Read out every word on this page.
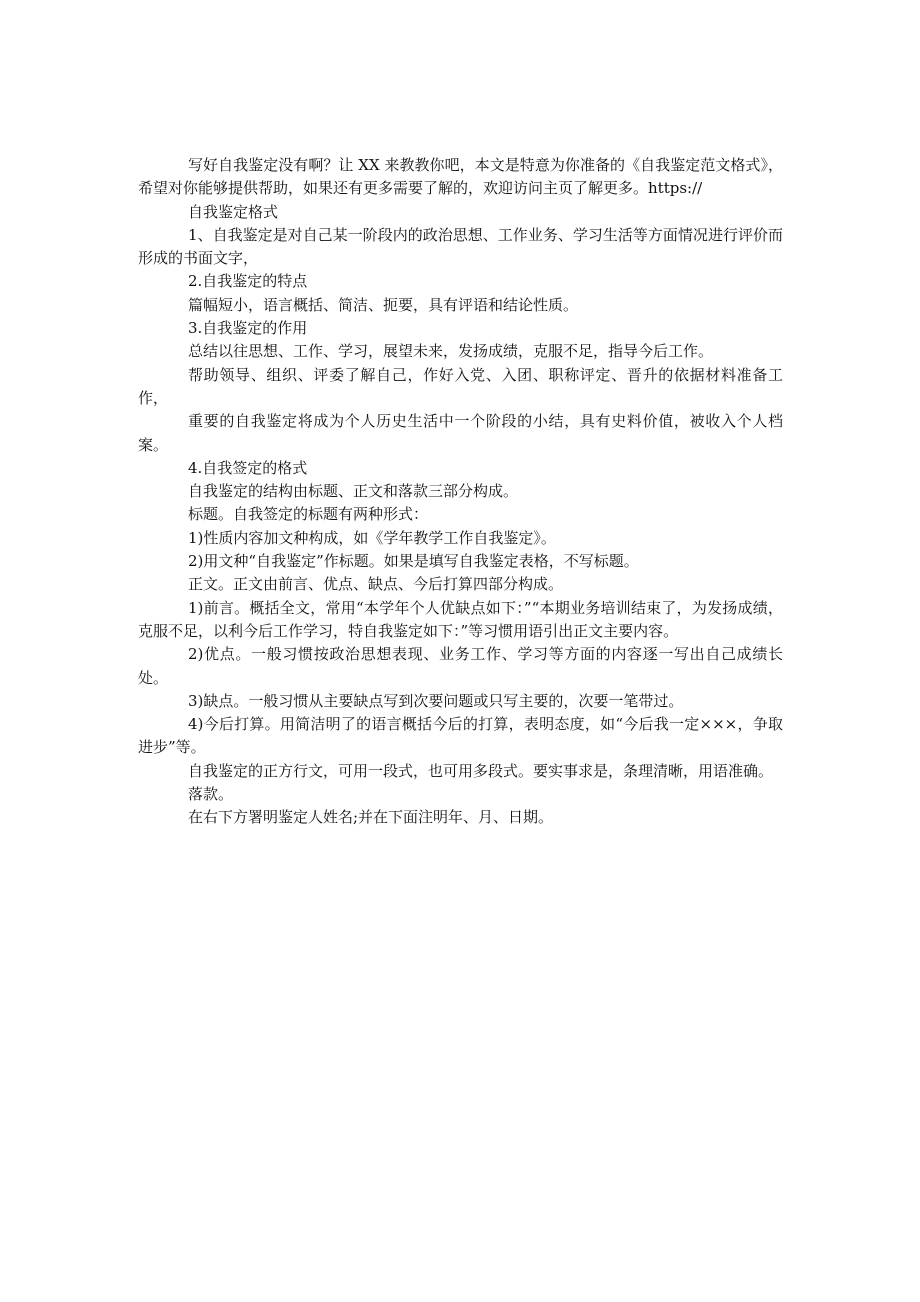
写好自我鉴定没有啊？让 XX 来教教你吧，本文是特意为你准备的《自我鉴定范文格式》，希望对你能够提供帮助，如果还有更多需要了解的，欢迎访问主页了解更多。https://

自我鉴定格式

1、自我鉴定是对自己某一阶段内的政治思想、工作业务、学习生活等方面情况进行评价而形成的书面文字，

2.自我鉴定的特点

篇幅短小，语言概括、简洁、扼要，具有评语和结论性质。

3.自我鉴定的作用

总结以往思想、工作、学习，展望未来，发扬成绩，克服不足，指导今后工作。

帮助领导、组织、评委了解自己，作好入党、入团、职称评定、晋升的依据材料准备工作，

重要的自我鉴定将成为个人历史生活中一个阶段的小结，具有史料价值，被收入个人档案。

4.自我签定的格式

自我鉴定的结构由标题、正文和落款三部分构成。

标题。自我签定的标题有两种形式：

1)性质内容加文种构成，如《学年教学工作自我鉴定》。

2)用文种“自我鉴定”作标题。如果是填写自我鉴定表格，不写标题。

正文。正文由前言、优点、缺点、今后打算四部分构成。

1)前言。概括全文，常用“本学年个人优缺点如下：”“本期业务培训结束了，为发扬成绩，克服不足，以利今后工作学习，特自我鉴定如下：”等习惯用语引出正文主要内容。

2)优点。一般习惯按政治思想表现、业务工作、学习等方面的内容逐一写出自己成绩长处。

3)缺点。一般习惯从主要缺点写到次要问题或只写主要的，次要一笔带过。

4)今后打算。用简洁明了的语言概括今后的打算，表明态度，如“今后我一定×××，争取进步”等。

自我鉴定的正方行文，可用一段式，也可用多段式。要实事求是，条理清晰，用语准确。

落款。

在右下方署明鉴定人姓名;并在下面注明年、月、日期。
